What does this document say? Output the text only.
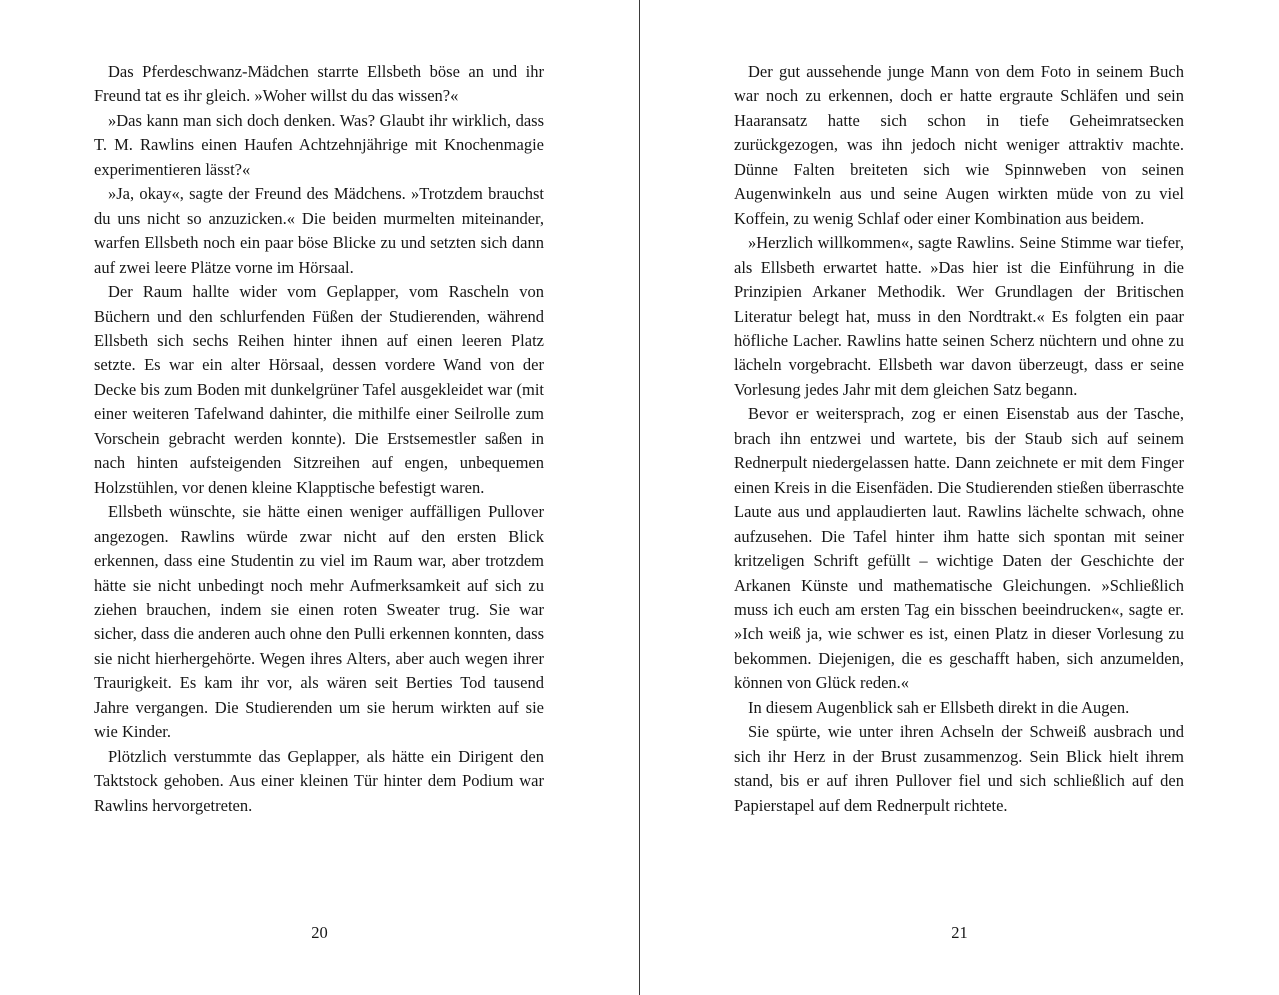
Das Pferdeschwanz-Mädchen starrte Ellsbeth böse an und ihr Freund tat es ihr gleich. »Woher willst du das wissen?«

»Das kann man sich doch denken. Was? Glaubt ihr wirklich, dass T. M. Rawlins einen Haufen Achtzehnjährige mit Knochenmagie experimentieren lässt?«

»Ja, okay«, sagte der Freund des Mädchens. »Trotzdem brauchst du uns nicht so anzuzicken.« Die beiden murmelten miteinander, warfen Ellsbeth noch ein paar böse Blicke zu und setzten sich dann auf zwei leere Plätze vorne im Hörsaal.

Der Raum hallte wider vom Geplapper, vom Rascheln von Büchern und den schlurfenden Füßen der Studierenden, während Ellsbeth sich sechs Reihen hinter ihnen auf einen leeren Platz setzte. Es war ein alter Hörsaal, dessen vordere Wand von der Decke bis zum Boden mit dunkelgrüner Tafel ausgekleidet war (mit einer weiteren Tafelwand dahinter, die mithilfe einer Seilrolle zum Vorschein gebracht werden konnte). Die Erstsemestler saßen in nach hinten aufsteigenden Sitzreihen auf engen, unbequemen Holzstühlen, vor denen kleine Klapptische befestigt waren.

Ellsbeth wünschte, sie hätte einen weniger auffälligen Pullover angezogen. Rawlins würde zwar nicht auf den ersten Blick erkennen, dass eine Studentin zu viel im Raum war, aber trotzdem hätte sie nicht unbedingt noch mehr Aufmerksamkeit auf sich zu ziehen brauchen, indem sie einen roten Sweater trug. Sie war sicher, dass die anderen auch ohne den Pulli erkennen konnten, dass sie nicht hierhergehörte. Wegen ihres Alters, aber auch wegen ihrer Traurigkeit. Es kam ihr vor, als wären seit Berties Tod tausend Jahre vergangen. Die Studierenden um sie herum wirkten auf sie wie Kinder.

Plötzlich verstummte das Geplapper, als hätte ein Dirigent den Taktstock gehoben. Aus einer kleinen Tür hinter dem Podium war Rawlins hervorgetreten.

20

Der gut aussehende junge Mann von dem Foto in seinem Buch war noch zu erkennen, doch er hatte ergraute Schläfen und sein Haaransatz hatte sich schon in tiefe Geheimratsecken zurückgezogen, was ihn jedoch nicht weniger attraktiv machte. Dünne Falten breiteten sich wie Spinnweben von seinen Augenwinkeln aus und seine Augen wirkten müde von zu viel Koffein, zu wenig Schlaf oder einer Kombination aus beidem.

»Herzlich willkommen«, sagte Rawlins. Seine Stimme war tiefer, als Ellsbeth erwartet hatte. »Das hier ist die Einführung in die Prinzipien Arkaner Methodik. Wer Grundlagen der Britischen Literatur belegt hat, muss in den Nordtrakt.« Es folgten ein paar höfliche Lacher. Rawlins hatte seinen Scherz nüchtern und ohne zu lächeln vorgebracht. Ellsbeth war davon überzeugt, dass er seine Vorlesung jedes Jahr mit dem gleichen Satz begann.

Bevor er weitersprach, zog er einen Eisenstab aus der Tasche, brach ihn entzwei und wartete, bis der Staub sich auf seinem Rednerpult niedergelassen hatte. Dann zeichnete er mit dem Finger einen Kreis in die Eisenfäden. Die Studierenden stießen überraschte Laute aus und applaudierten laut. Rawlins lächelte schwach, ohne aufzusehen. Die Tafel hinter ihm hatte sich spontan mit seiner kritzeligen Schrift gefüllt – wichtige Daten der Geschichte der Arkanen Künste und mathematische Gleichungen. »Schließlich muss ich euch am ersten Tag ein bisschen beeindrucken«, sagte er. »Ich weiß ja, wie schwer es ist, einen Platz in dieser Vorlesung zu bekommen. Diejenigen, die es geschafft haben, sich anzumelden, können von Glück reden.«

In diesem Augenblick sah er Ellsbeth direkt in die Augen.

Sie spürte, wie unter ihren Achseln der Schweiß ausbrach und sich ihr Herz in der Brust zusammenzog. Sein Blick hielt ihrem stand, bis er auf ihren Pullover fiel und sich schließlich auf den Papierstapel auf dem Rednerpult richtete.

21
